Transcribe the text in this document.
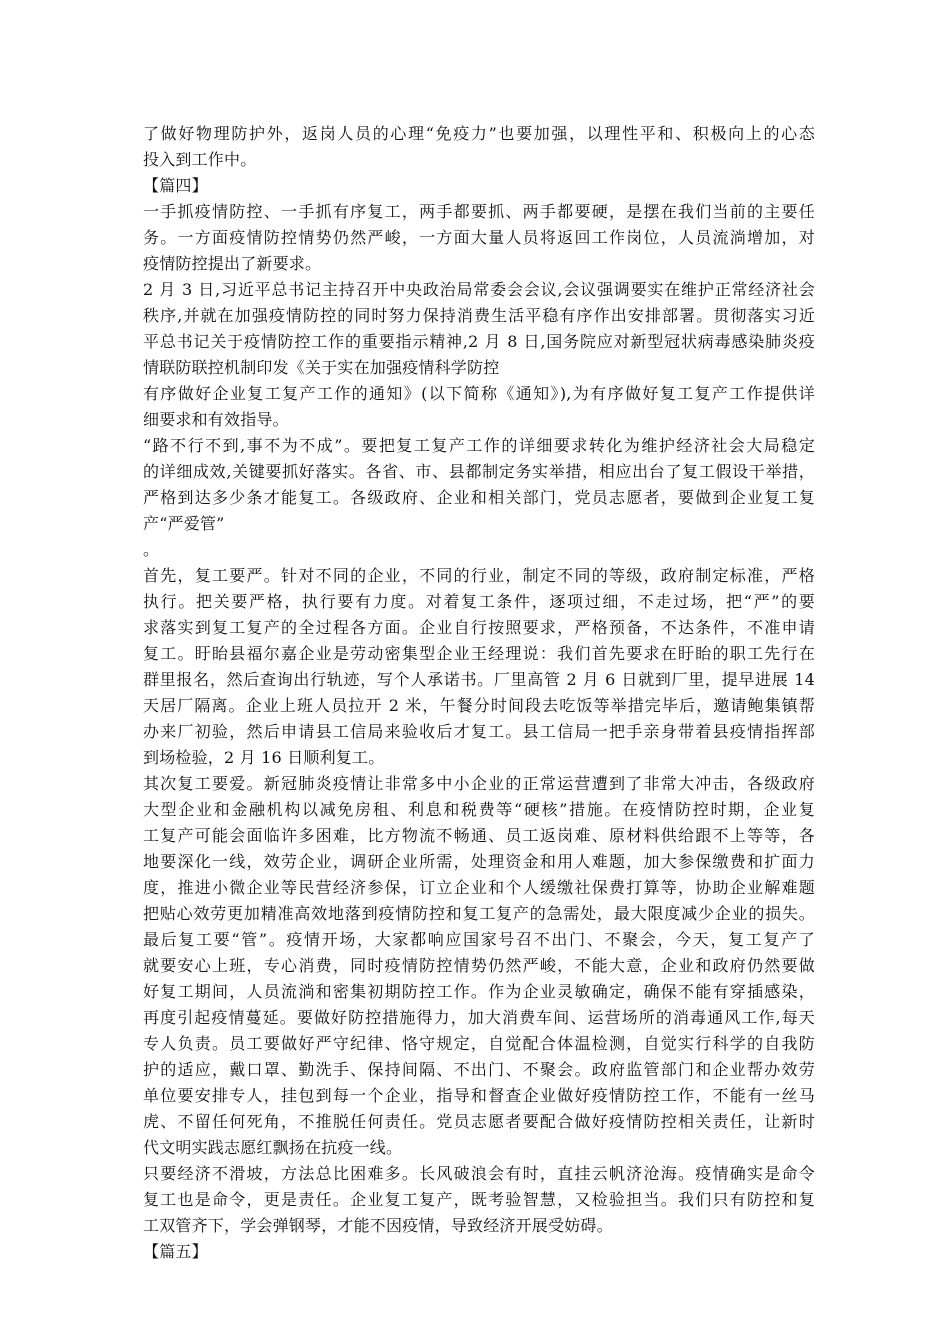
了做好物理防护外，返岗人员的心理“免疫力”也要加强，以理性平和、积极向上的心态
投入到工作中。
【篇四】
一手抓疫情防控、一手抓有序复工，两手都要抓、两手都要硬，是摆在我们当前的主要任
务。一方面疫情防控情势仍然严峻，一方面大量人员将返回工作岗位，人员流淌增加，对
疫情防控提出了新要求。
2 月 3 日,习近平总书记主持召开中央政治局常委会会议,会议强调要实在维护正常经济社会
秩序,并就在加强疫情防控的同时努力保持消费生活平稳有序作出安排部署。贯彻落实习近
平总书记关于疫情防控工作的重要指示精神,2 月 8 日,国务院应对新型冠状病毒感染肺炎疫
情联防联控机制印发《关于实在加强疫情科学防控
有序做好企业复工复产工作的通知》(以下简称《通知》),为有序做好复工复产工作提供详
细要求和有效指导。
“路不行不到,事不为不成”。要把复工复产工作的详细要求转化为维护经济社会大局稳定
的详细成效,关键要抓好落实。各省、市、县都制定务实举措，相应出台了复工假设干举措，
严格到达多少条才能复工。各级政府、企业和相关部门，党员志愿者，要做到企业复工复
产“严爱管”
。
首先，复工要严。针对不同的企业，不同的行业，制定不同的等级，政府制定标准，严格
执行。把关要严格，执行要有力度。对着复工条件，逐项过细，不走过场，把“严”的要
求落实到复工复产的全过程各方面。企业自行按照要求，严格预备，不达条件，不准申请
复工。盱眙县福尔嘉企业是劳动密集型企业王经理说：我们首先要求在盱眙的职工先行在
群里报名，然后查询出行轨迹，写个人承诺书。厂里高管 2 月 6 日就到厂里，提早进展 14
天居厂隔离。企业上班人员拉开 2 米，午餐分时间段去吃饭等举措完毕后，邀请鲍集镇帮
办来厂初验，然后申请县工信局来验收后才复工。县工信局一把手亲身带着县疫情指挥部
到场检验，2 月 16 日顺利复工。
其次复工要爱。新冠肺炎疫情让非常多中小企业的正常运营遭到了非常大冲击，各级政府
大型企业和金融机构以减免房租、利息和税费等“硬核”措施。在疫情防控时期，企业复
工复产可能会面临许多困难，比方物流不畅通、员工返岗难、原材料供给跟不上等等，各
地要深化一线，效劳企业，调研企业所需，处理资金和用人难题，加大参保缴费和扩面力
度，推进小微企业等民营经济参保，订立企业和个人缓缴社保费打算等，协助企业解难题
把贴心效劳更加精准高效地落到疫情防控和复工复产的急需处，最大限度减少企业的损失。
最后复工要“管”。疫情开场，大家都响应国家号召不出门、不聚会，今天，复工复产了
就要安心上班，专心消费，同时疫情防控情势仍然严峻，不能大意，企业和政府仍然要做
好复工期间，人员流淌和密集初期防控工作。作为企业灵敏确定，确保不能有穿插感染，
再度引起疫情蔓延。要做好防控措施得力，加大消费车间、运营场所的消毒通风工作,每天
专人负责。员工要做好严守纪律、恪守规定，自觉配合体温检测，自觉实行科学的自我防
护的适应，戴口罩、勤洗手、保持间隔、不出门、不聚会。政府监管部门和企业帮办效劳
单位要安排专人，挂包到每一个企业，指导和督查企业做好疫情防控工作，不能有一丝马
虎、不留任何死角，不推脱任何责任。党员志愿者要配合做好疫情防控相关责任，让新时
代文明实践志愿红飘扬在抗疫一线。
只要经济不滑坡，方法总比困难多。长风破浪会有时，直挂云帆济沧海。疫情确实是命令
复工也是命令，更是责任。企业复工复产，既考验智慧，又检验担当。我们只有防控和复
工双管齐下，学会弹钢琴，才能不因疫情，导致经济开展受妨碍。
【篇五】
